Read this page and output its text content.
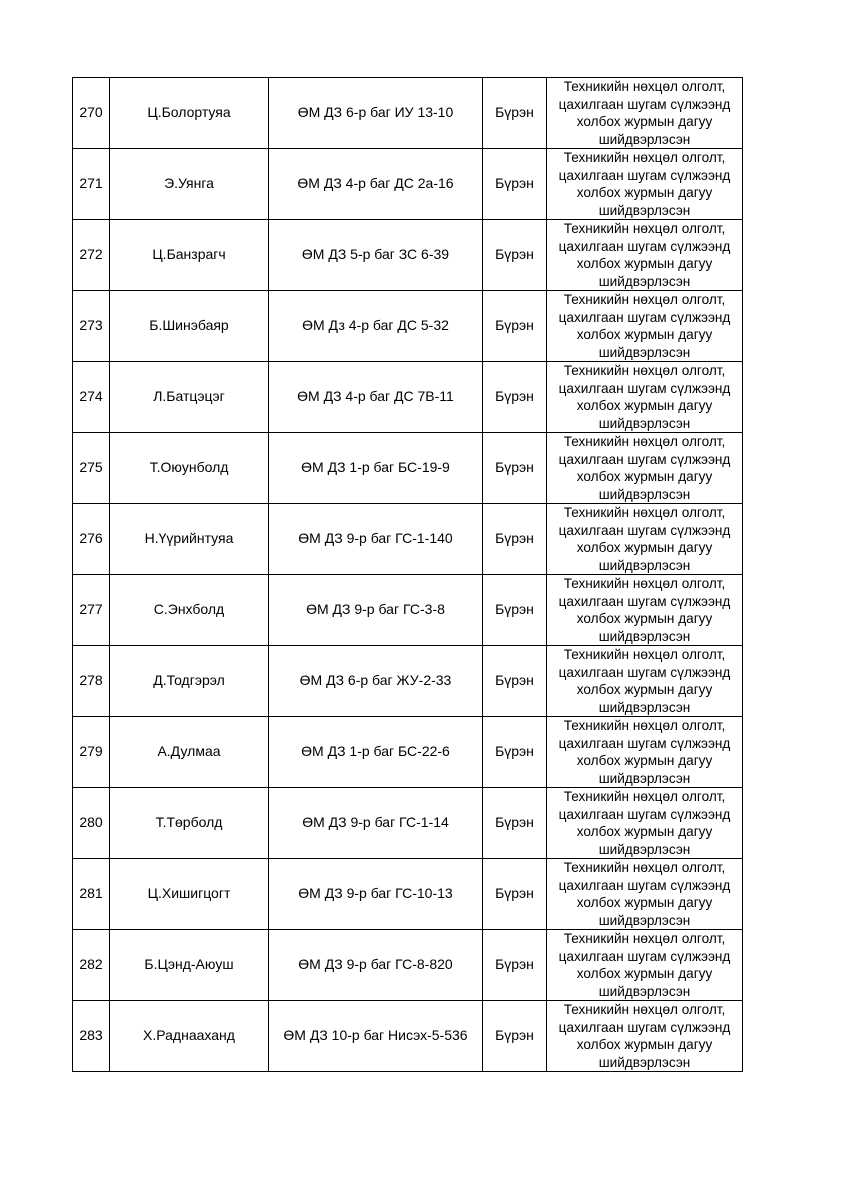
270	Ц.Болортуяа	ӨМ ДЗ 6-р баг ИУ 13-10	Бүрэн	Техникийн нөхцөл олголт, цахилгаан шугам сүлжээнд холбох журмын дагуу шийдвэрлэсэн
271	Э.Уянга	ӨМ ДЗ 4-р баг ДС 2а-16	Бүрэн	Техникийн нөхцөл олголт, цахилгаан шугам сүлжээнд холбох журмын дагуу шийдвэрлэсэн
272	Ц.Банзрагч	ӨМ ДЗ 5-р баг ЗС 6-39	Бүрэн	Техникийн нөхцөл олголт, цахилгаан шугам сүлжээнд холбох журмын дагуу шийдвэрлэсэн
273	Б.Шинэбаяр	ӨМ Дз 4-р баг ДС 5-32	Бүрэн	Техникийн нөхцөл олголт, цахилгаан шугам сүлжээнд холбох журмын дагуу шийдвэрлэсэн
274	Л.Батцэцэг	ӨМ ДЗ 4-р баг ДС 7В-11	Бүрэн	Техникийн нөхцөл олголт, цахилгаан шугам сүлжээнд холбох журмын дагуу шийдвэрлэсэн
275	Т.Оюунболд	ӨМ ДЗ 1-р баг БС-19-9	Бүрэн	Техникийн нөхцөл олголт, цахилгаан шугам сүлжээнд холбох журмын дагуу шийдвэрлэсэн
276	Н.Үүрийнтуяа	ӨМ ДЗ 9-р баг ГС-1-140	Бүрэн	Техникийн нөхцөл олголт, цахилгаан шугам сүлжээнд холбох журмын дагуу шийдвэрлэсэн
277	С.Энхболд	ӨМ ДЗ 9-р баг ГС-3-8	Бүрэн	Техникийн нөхцөл олголт, цахилгаан шугам сүлжээнд холбох журмын дагуу шийдвэрлэсэн
278	Д.Тодгэрэл	ӨМ ДЗ 6-р баг ЖУ-2-33	Бүрэн	Техникийн нөхцөл олголт, цахилгаан шугам сүлжээнд холбох журмын дагуу шийдвэрлэсэн
279	А.Дулмаа	ӨМ ДЗ 1-р баг БС-22-6	Бүрэн	Техникийн нөхцөл олголт, цахилгаан шугам сүлжээнд холбох журмын дагуу шийдвэрлэсэн
280	Т.Төрболд	ӨМ ДЗ 9-р баг ГС-1-14	Бүрэн	Техникийн нөхцөл олголт, цахилгаан шугам сүлжээнд холбох журмын дагуу шийдвэрлэсэн
281	Ц.Хишигцогт	ӨМ ДЗ 9-р баг ГС-10-13	Бүрэн	Техникийн нөхцөл олголт, цахилгаан шугам сүлжээнд холбох журмын дагуу шийдвэрлэсэн
282	Б.Цэнд-Аюуш	ӨМ ДЗ 9-р баг ГС-8-820	Бүрэн	Техникийн нөхцөл олголт, цахилгаан шугам сүлжээнд холбох журмын дагуу шийдвэрлэсэн
283	Х.Раднааханд	ӨМ ДЗ 10-р баг Нисэх-5-536	Бүрэн	Техникийн нөхцөл олголт, цахилгаан шугам сүлжээнд холбох журмын дагуу шийдвэрлэсэн
